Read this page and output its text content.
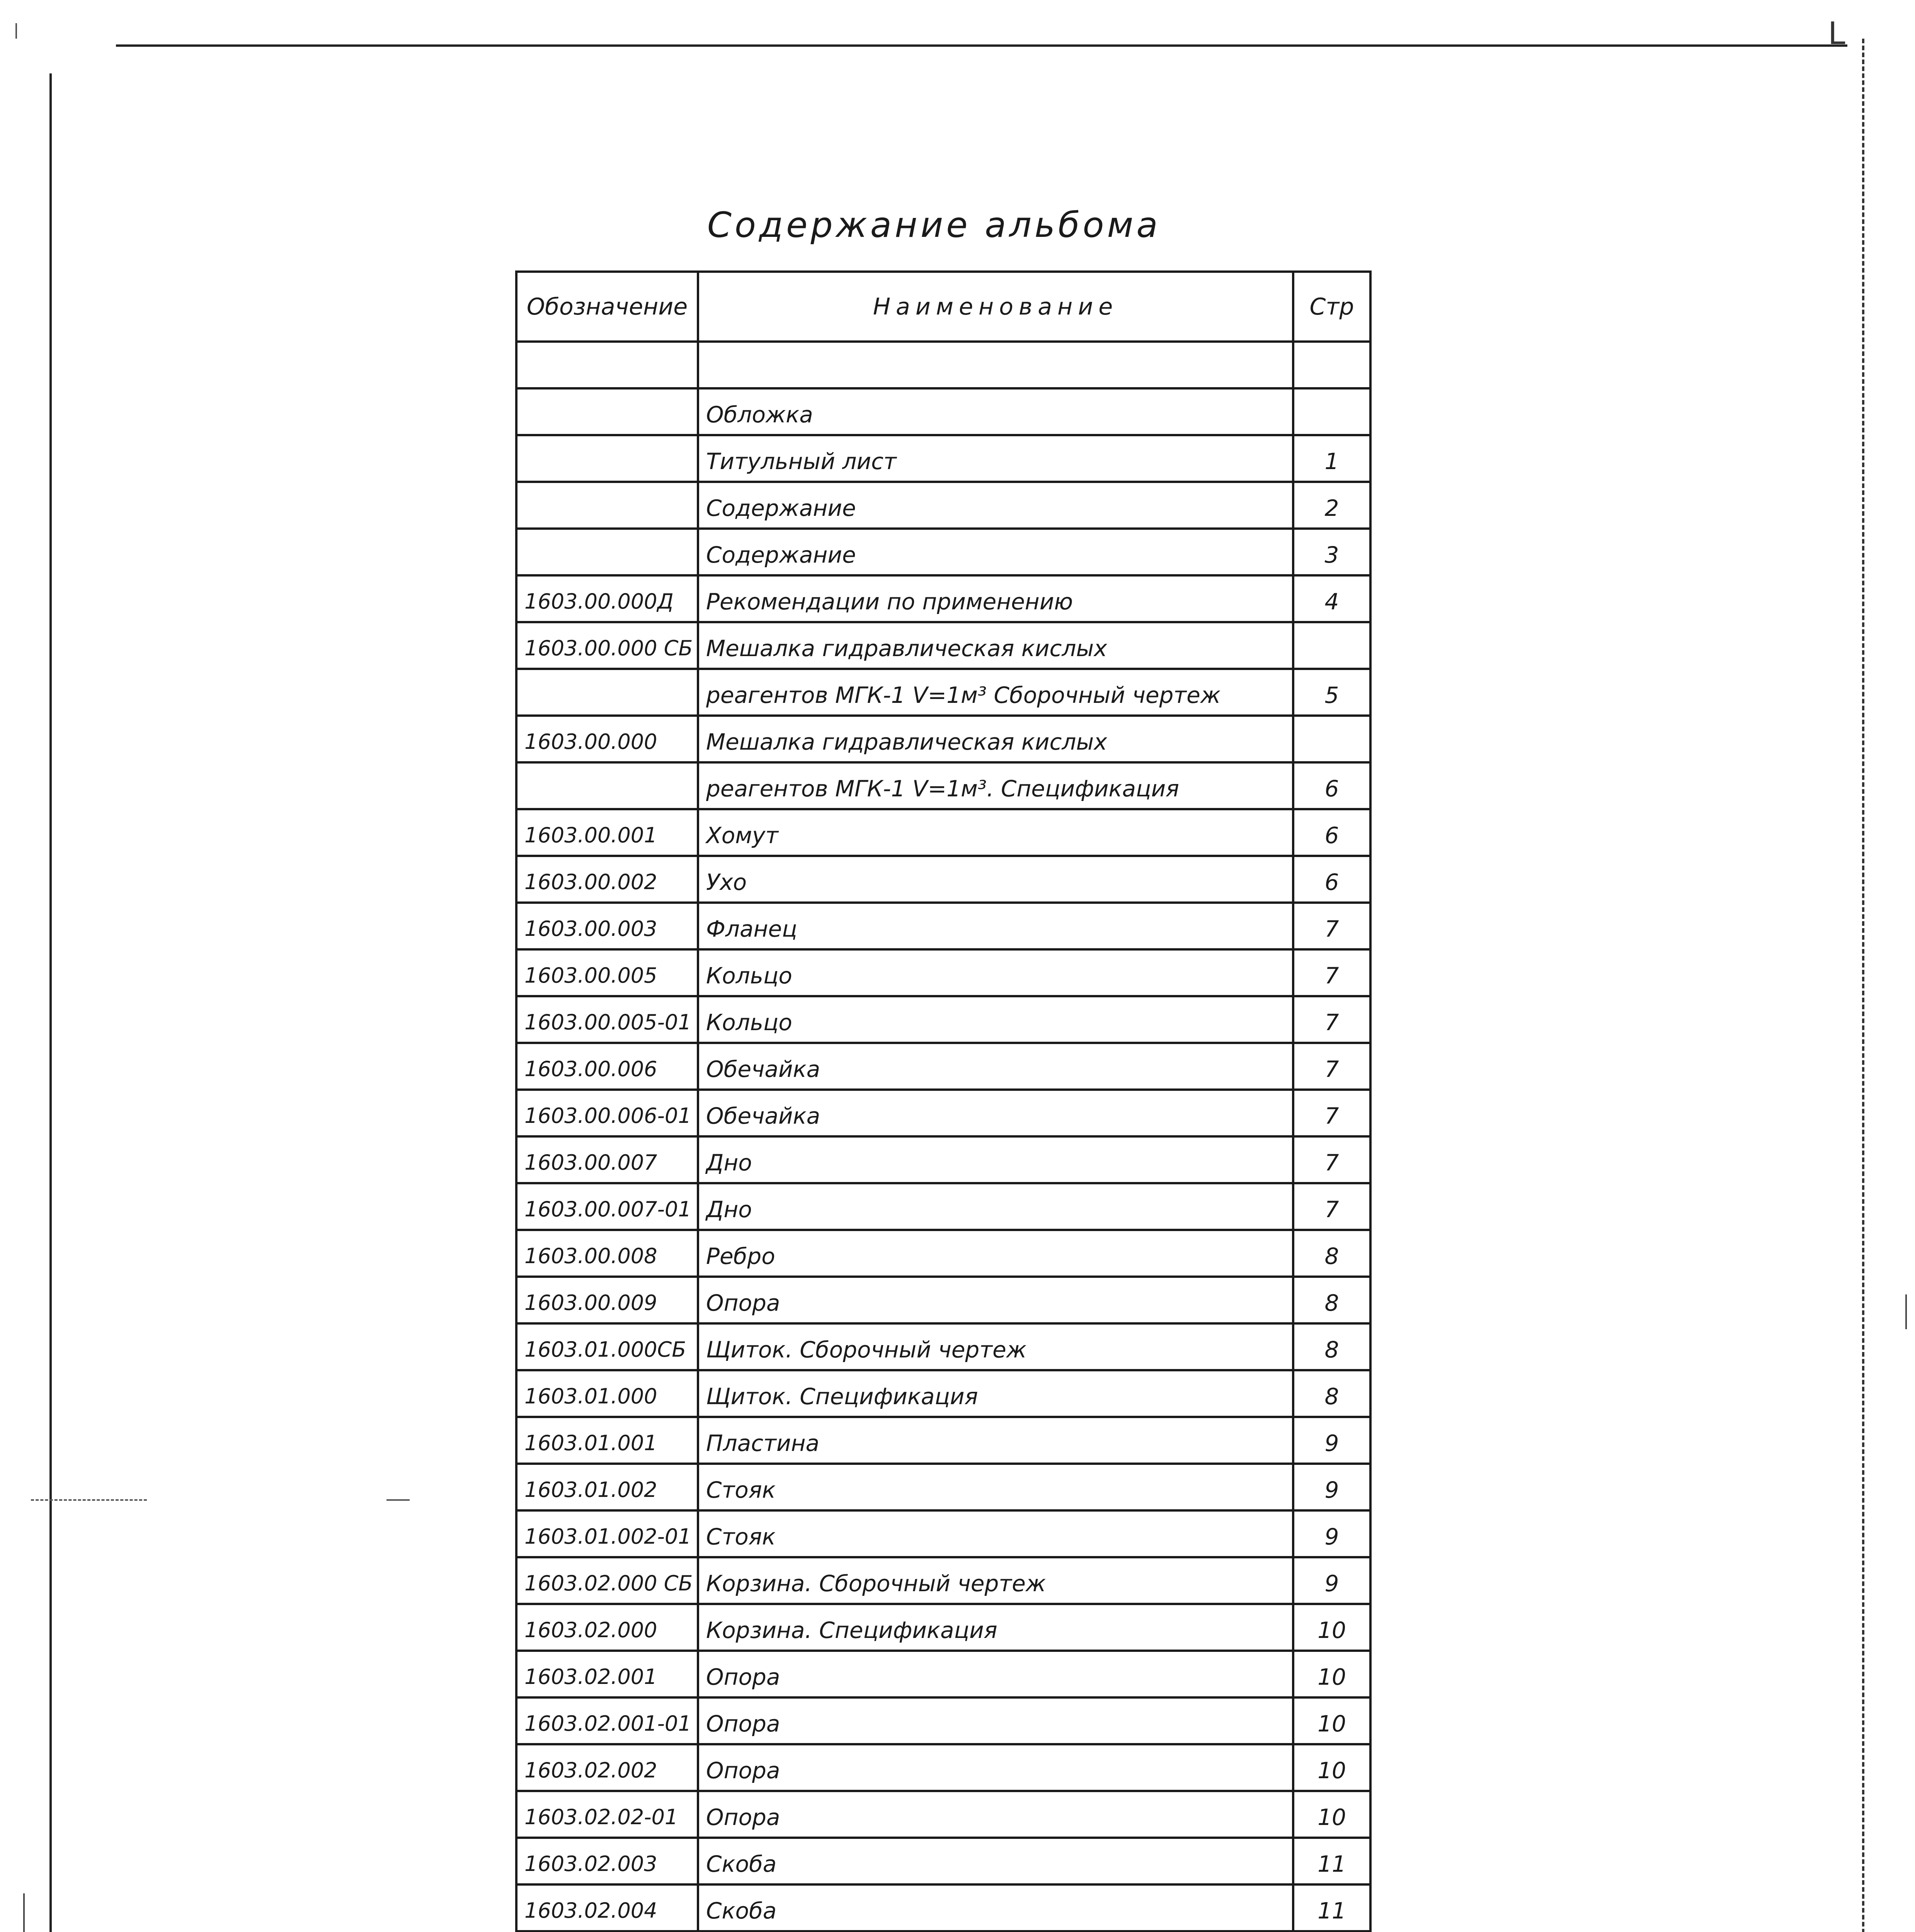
L
Содержание альбома
Обозначение	Наименование	Стр

	Обложка	
	Титульный лист	1
	Содержание	2
	Содержание	3
1603.00.000Д	Рекомендации по применению	4
1603.00.000 СБ	Мешалка гидравлическая кислых	
	реагентов МГК-1 V=1м³ Сборочный чертеж	5
1603.00.000	Мешалка гидравлическая кислых	
	реагентов МГК-1 V=1м³. Спецификация	6
1603.00.001	Хомут	6
1603.00.002	Ухо	6
1603.00.003	Фланец	7
1603.00.005	Кольцо	7
1603.00.005-01	Кольцо	7
1603.00.006	Обечайка	7
1603.00.006-01	Обечайка	7
1603.00.007	Дно	7
1603.00.007-01	Дно	7
1603.00.008	Ребро	8
1603.00.009	Опора	8
1603.01.000СБ	Щиток. Сборочный чертеж	8
1603.01.000	Щиток. Спецификация	8
1603.01.001	Пластина	9
1603.01.002	Стояк	9
1603.01.002-01	Стояк	9
1603.02.000 СБ	Корзина. Сборочный чертеж	9
1603.02.000	Корзина. Спецификация	10
1603.02.001	Опора	10
1603.02.001-01	Опора	10
1603.02.002	Опора	10
1603.02.02-01	Опора	10
1603.02.003	Скоба	11
1603.02.004	Скоба	11
